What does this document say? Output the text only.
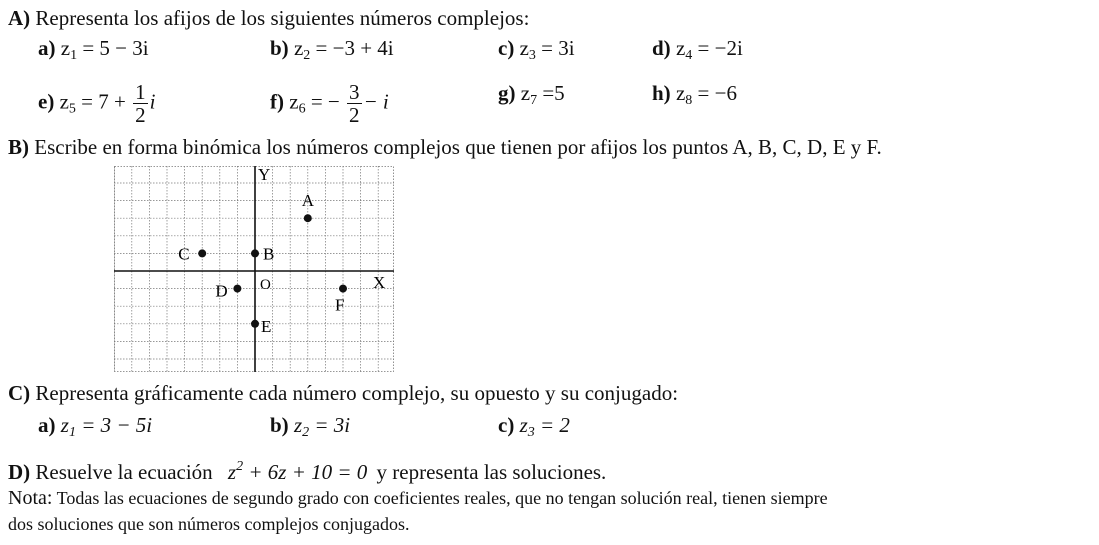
A) Representa los afijos de los siguientes números complejos:
a) $z_1 = 5 - 3i$	b) $z_2 = -3 + 4i$	c) $z_3 = 3i$	d) $z_4 = -2i$
e) $z_5 = 7 + \frac{1}{2}$ i	f) $z_6$ = − $\frac{3}{2} - i$	g) $z_7 =5$	h) $z_8 = -6$
B) Escribe en forma binómica los números complejos que tienen por afijos los puntos A, B, C, D, E y F.
Y
X
O
A
B
C
D
E
F
C) Representa gráficamente cada número complejo, su opuesto y su conjugado:
a) $z_1 = 3 - 5i$	b) $z_2 = 3i$	c) $z_3 = 2$
D) Resuelve la ecuación $z^2 + 6z + 10 = 0$ y representa las soluciones.
Nota: Todas las ecuaciones de segundo grado con coeficientes reales, que no tengan solución real, tienen siempre
dos soluciones que son números complejos conjugados.
